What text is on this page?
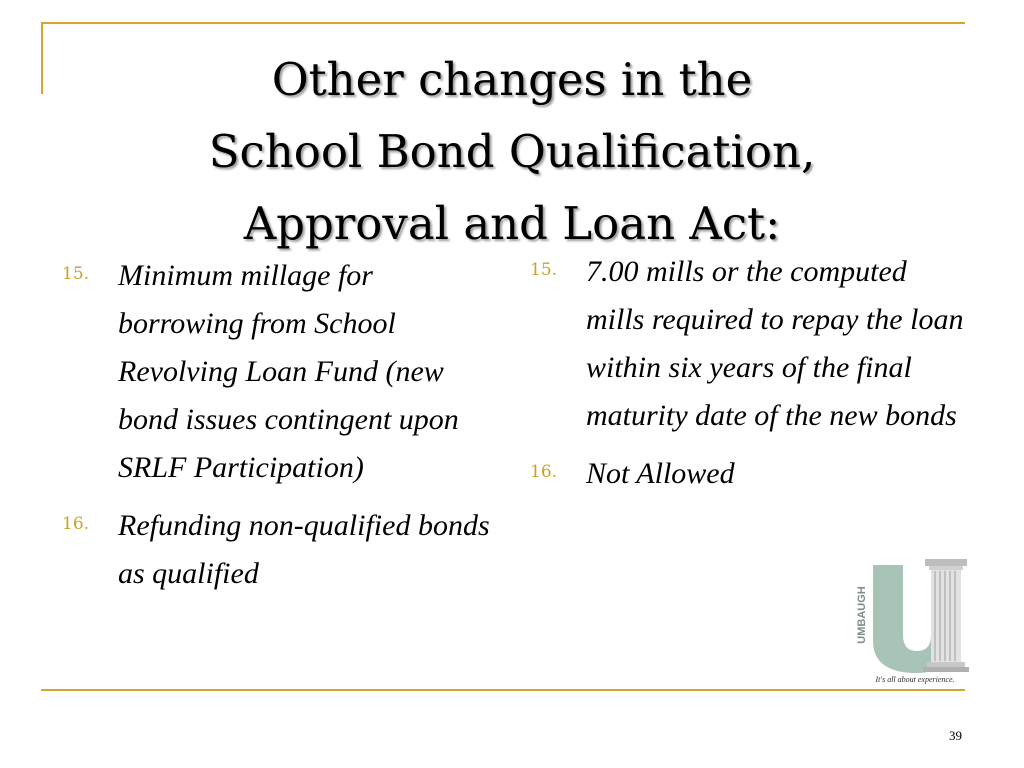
Other changes in the
School Bond Qualification,
Approval and Loan Act:
15. Minimum millage for borrowing from School Revolving Loan Fund (new bond issues contingent upon SRLF Participation)
16. Refunding non-qualified bonds as qualified
15. 7.00 mills or the computed mills required to repay the loan within six years of the final maturity date of the new bonds
16. Not Allowed
UMBAUGH
It's all about experience.
39
